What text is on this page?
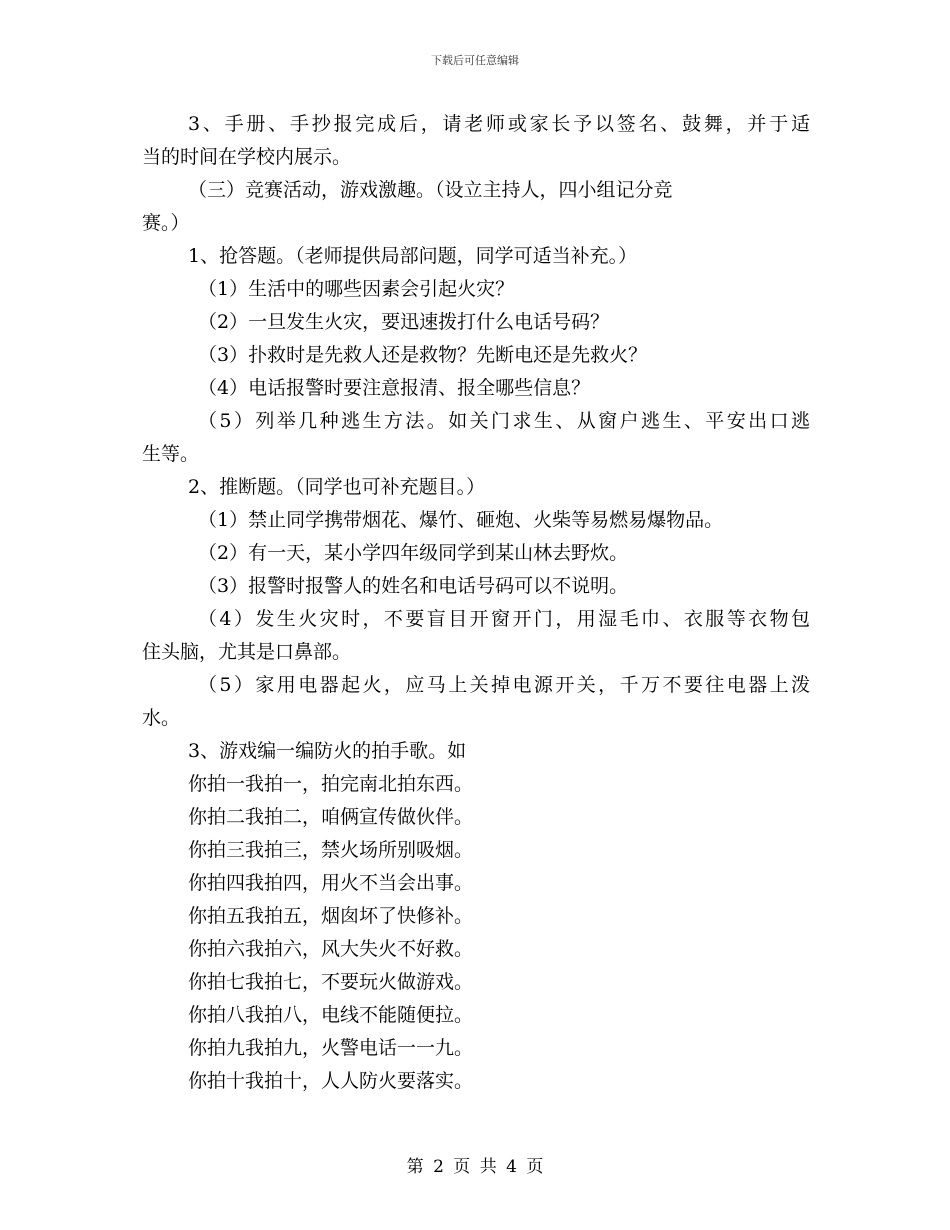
下载后可任意编辑
3、手册、手抄报完成后，请老师或家长予以签名、鼓舞，并于适
当的时间在学校内展示。
（三）竞赛活动，游戏激趣。（设立主持人，四小组记分竞
赛。）
1、抢答题。（老师提供局部问题，同学可适当补充。）
（1）生活中的哪些因素会引起火灾？
（2）一旦发生火灾，要迅速拨打什么电话号码？
（3）扑救时是先救人还是救物？先断电还是先救火？
（4）电话报警时要注意报清、报全哪些信息？
（5）列举几种逃生方法。如关门求生、从窗户逃生、平安出口逃
生等。
2、推断题。（同学也可补充题目。）
（1）禁止同学携带烟花、爆竹、砸炮、火柴等易燃易爆物品。
（2）有一天，某小学四年级同学到某山林去野炊。
（3）报警时报警人的姓名和电话号码可以不说明。
（4）发生火灾时，不要盲目开窗开门，用湿毛巾、衣服等衣物包
住头脑，尤其是口鼻部。
（5）家用电器起火，应马上关掉电源开关，千万不要往电器上泼
水。
3、游戏编一编防火的拍手歌。如
你拍一我拍一，拍完南北拍东西。
你拍二我拍二，咱俩宣传做伙伴。
你拍三我拍三，禁火场所别吸烟。
你拍四我拍四，用火不当会出事。
你拍五我拍五，烟囱坏了快修补。
你拍六我拍六，风大失火不好救。
你拍七我拍七，不要玩火做游戏。
你拍八我拍八，电线不能随便拉。
你拍九我拍九，火警电话一一九。
你拍十我拍十，人人防火要落实。
第 2 页 共 4 页
